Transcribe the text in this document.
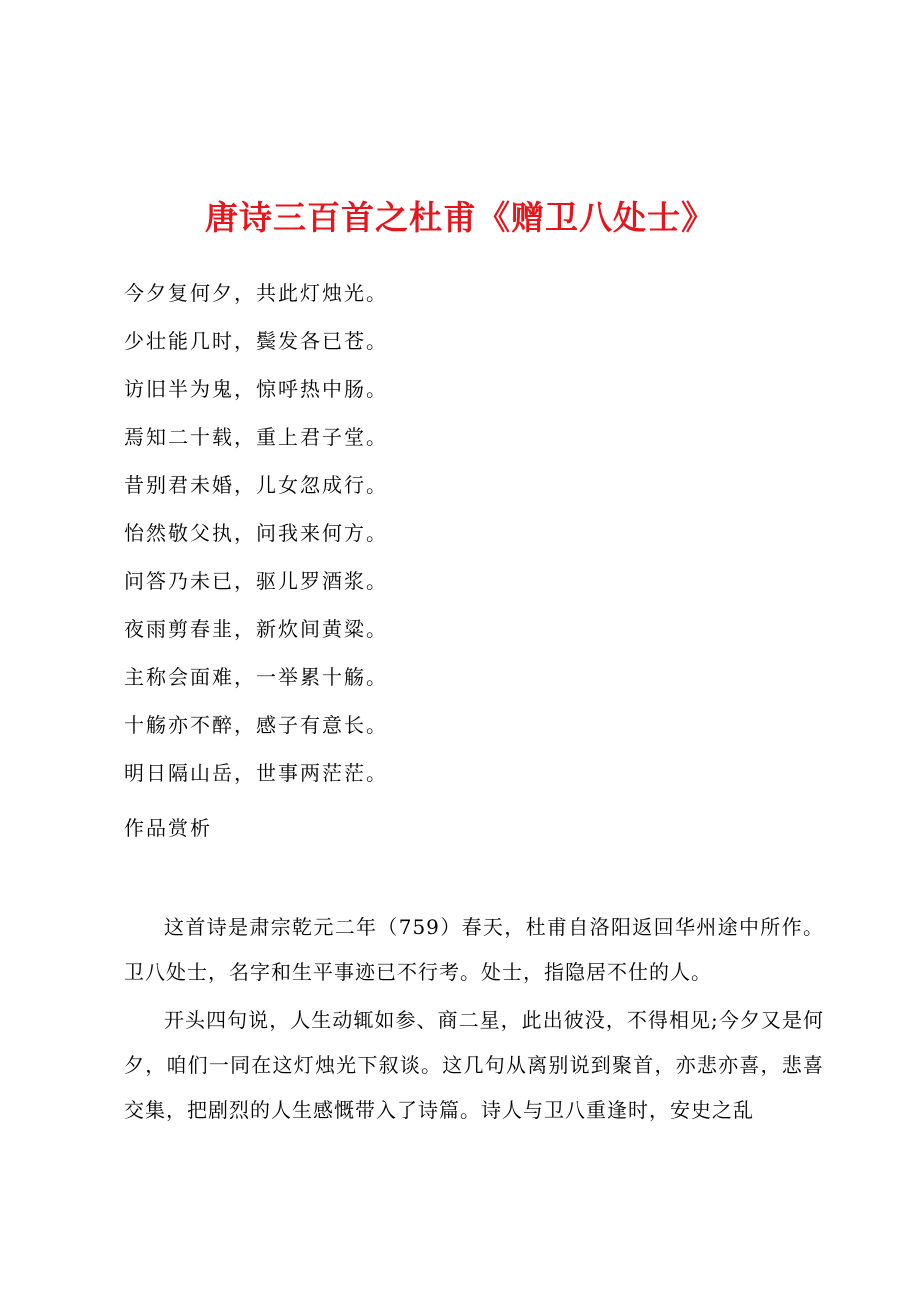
唐诗三百首之杜甫《赠卫八处士》
今夕复何夕，共此灯烛光。
少壮能几时，鬓发各已苍。
访旧半为鬼，惊呼热中肠。
焉知二十载，重上君子堂。
昔别君未婚，儿女忽成行。
怡然敬父执，问我来何方。
问答乃未已，驱儿罗酒浆。
夜雨剪春韭，新炊间黄粱。
主称会面难，一举累十觞。
十觞亦不醉，感子有意长。
明日隔山岳，世事两茫茫。
作品赏析

这首诗是肃宗乾元二年（759）春天，杜甫自洛阳返回华州途中所作。卫八处士，名字和生平事迹已不行考。处士，指隐居不仕的人。

开头四句说，人生动辄如参、商二星，此出彼没，不得相见;今夕又是何夕，咱们一同在这灯烛光下叙谈。这几句从离别说到聚首，亦悲亦喜，悲喜交集，把剧烈的人生感慨带入了诗篇。诗人与卫八重逢时，安史之乱
